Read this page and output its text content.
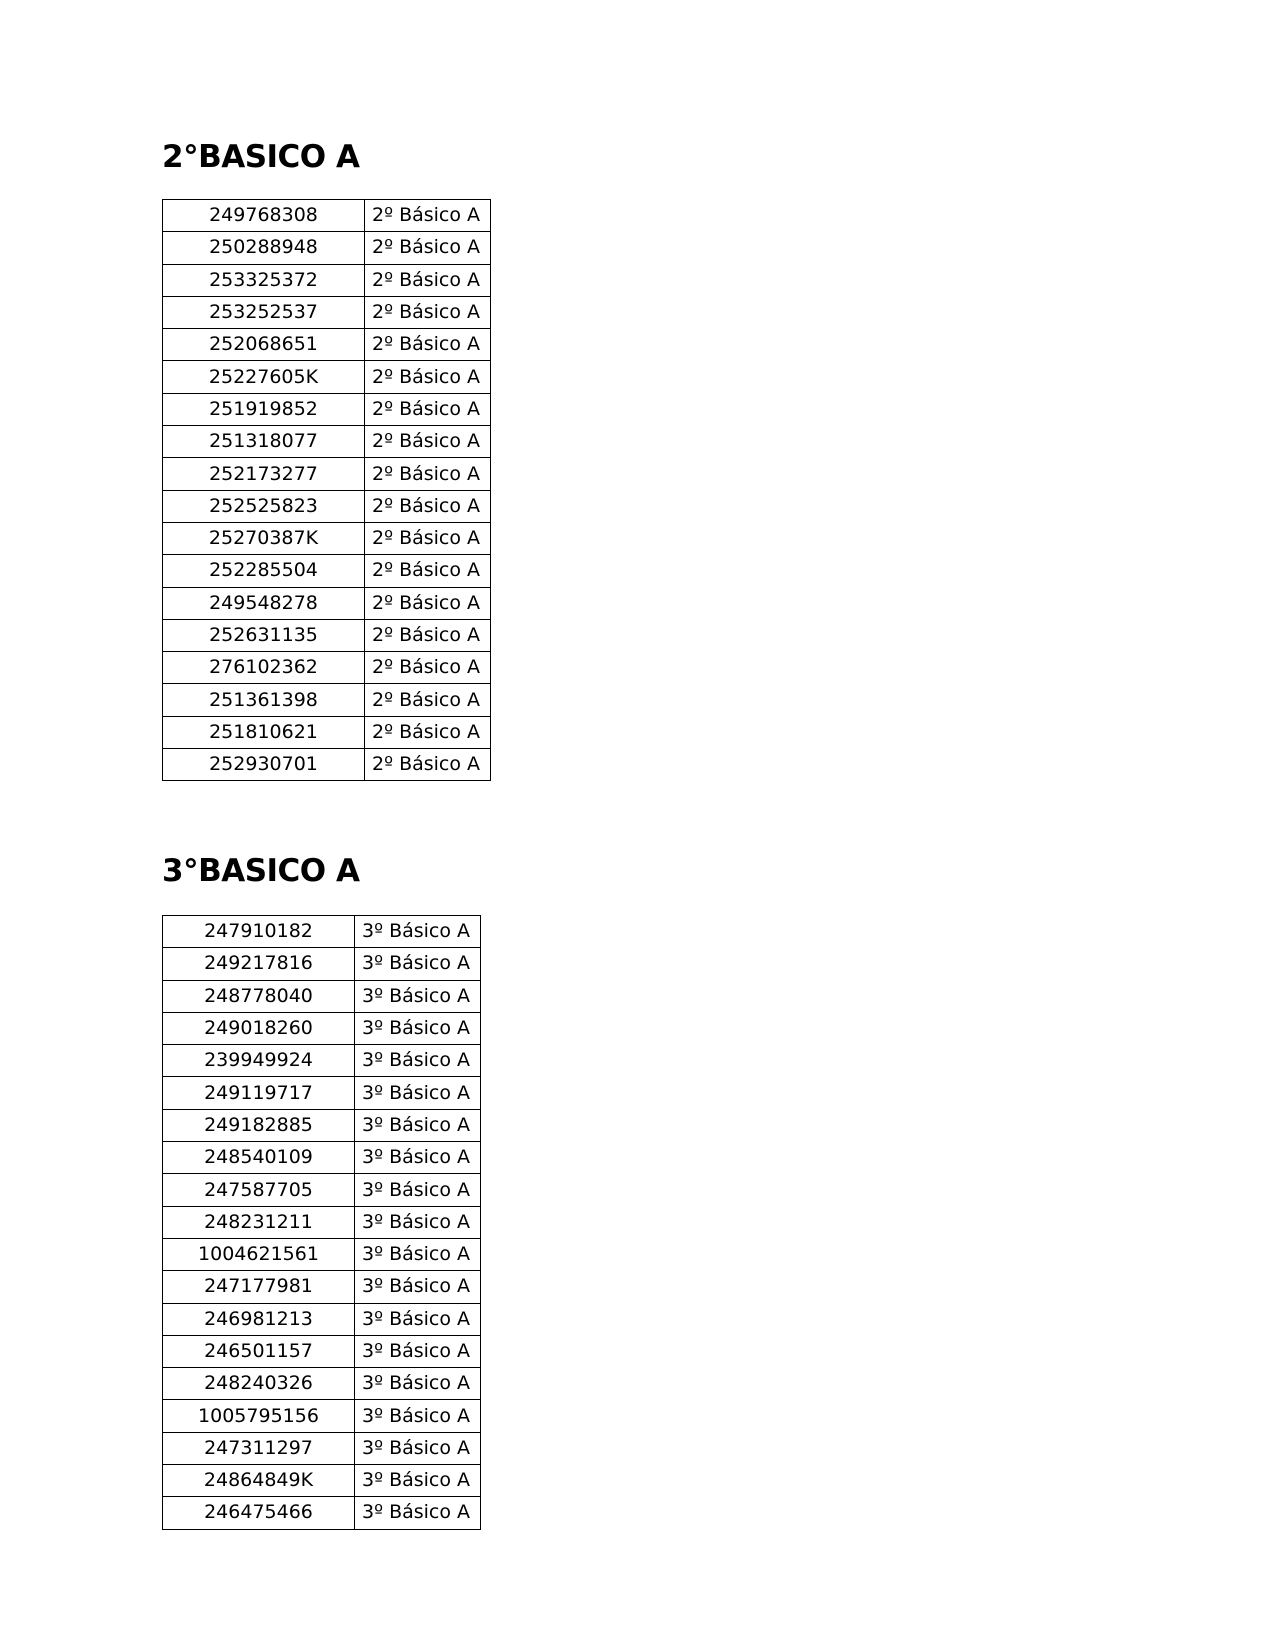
2°BASICO A
249768308	2º Básico A
250288948	2º Básico A
253325372	2º Básico A
253252537	2º Básico A
252068651	2º Básico A
25227605K	2º Básico A
251919852	2º Básico A
251318077	2º Básico A
252173277	2º Básico A
252525823	2º Básico A
25270387K	2º Básico A
252285504	2º Básico A
249548278	2º Básico A
252631135	2º Básico A
276102362	2º Básico A
251361398	2º Básico A
251810621	2º Básico A
252930701	2º Básico A
3°BASICO A
247910182	3º Básico A
249217816	3º Básico A
248778040	3º Básico A
249018260	3º Básico A
239949924	3º Básico A
249119717	3º Básico A
249182885	3º Básico A
248540109	3º Básico A
247587705	3º Básico A
248231211	3º Básico A
1004621561	3º Básico A
247177981	3º Básico A
246981213	3º Básico A
246501157	3º Básico A
248240326	3º Básico A
1005795156	3º Básico A
247311297	3º Básico A
24864849K	3º Básico A
246475466	3º Básico A
